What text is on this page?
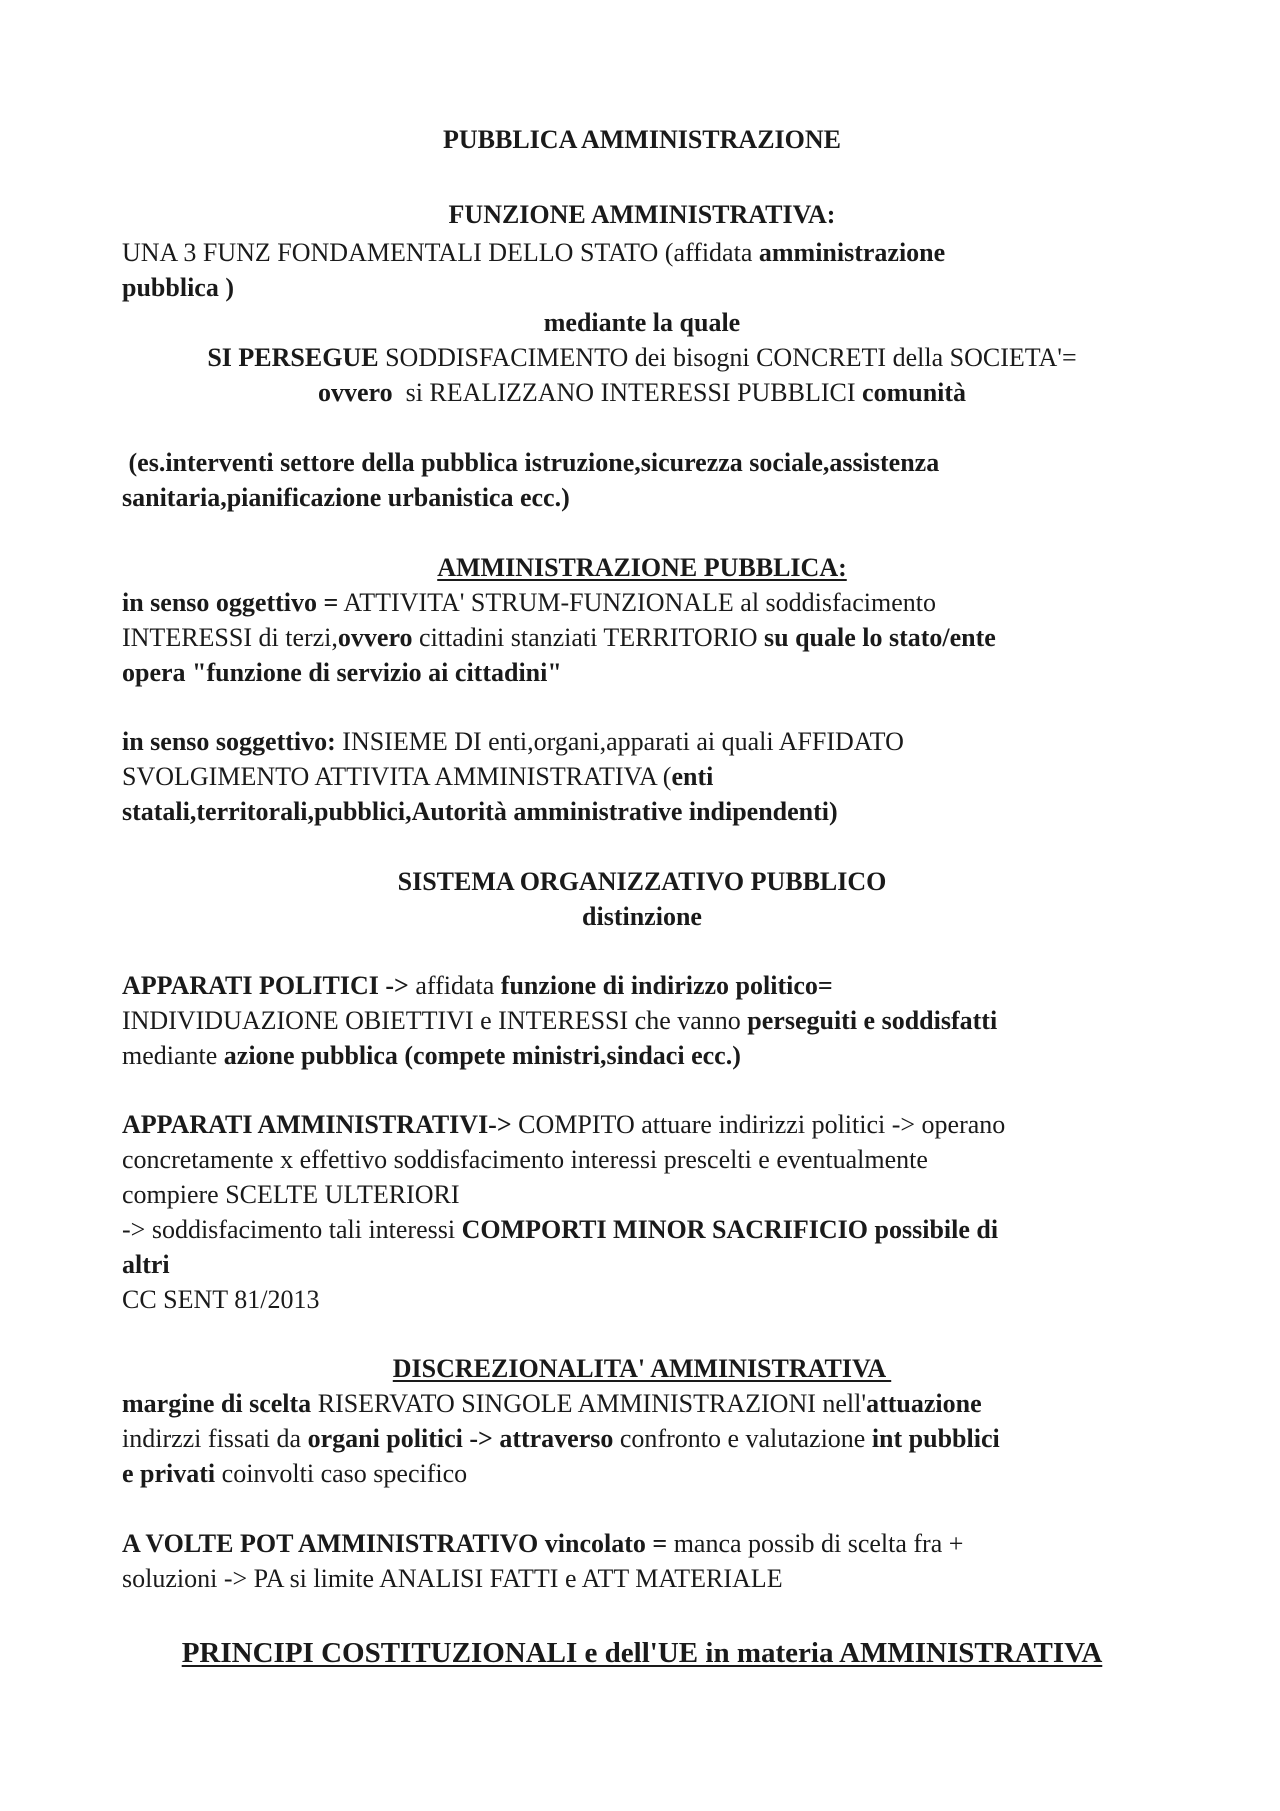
PUBBLICA AMMINISTRAZIONE

FUNZIONE AMMINISTRATIVA:

UNA 3 FUNZ FONDAMENTALI DELLO STATO (affidata amministrazione

pubblica )

mediante la quale

SI PERSEGUE SODDISFACIMENTO dei bisogni CONCRETI della SOCIETA'=

ovvero  si REALIZZANO INTERESSI PUBBLICI comunità

(es.interventi settore della pubblica istruzione,sicurezza sociale,assistenza

sanitaria,pianificazione urbanistica ecc.)

AMMINISTRAZIONE PUBBLICA:

in senso oggettivo = ATTIVITA' STRUM-FUNZIONALE al soddisfacimento

INTERESSI di terzi,ovvero cittadini stanziati TERRITORIO su quale lo stato/ente

opera "funzione di servizio ai cittadini"

in senso soggettivo: INSIEME DI enti,organi,apparati ai quali AFFIDATO

SVOLGIMENTO ATTIVITA AMMINISTRATIVA (enti

statali,territorali,pubblici,Autorità amministrative indipendenti)

SISTEMA ORGANIZZATIVO PUBBLICO

distinzione

APPARATI POLITICI -> affidata funzione di indirizzo politico=

INDIVIDUAZIONE OBIETTIVI e INTERESSI che vanno perseguiti e soddisfatti

mediante azione pubblica (compete ministri,sindaci ecc.)

APPARATI AMMINISTRATIVI-> COMPITO attuare indirizzi politici -> operano

concretamente x effettivo soddisfacimento interessi prescelti e eventualmente

compiere SCELTE ULTERIORI

-> soddisfacimento tali interessi COMPORTI MINOR SACRIFICIO possibile di

altri

CC SENT 81/2013

DISCREZIONALITA' AMMINISTRATIVA

margine di scelta RISERVATO SINGOLE AMMINISTRAZIONI nell'attuazione

indirzzi fissati da organi politici -> attraverso confronto e valutazione int pubblici

e privati coinvolti caso specifico

A VOLTE POT AMMINISTRATIVO vincolato = manca possib di scelta fra +

soluzioni -> PA si limite ANALISI FATTI e ATT MATERIALE

PRINCIPI COSTITUZIONALI e dell'UE in materia AMMINISTRATIVA
